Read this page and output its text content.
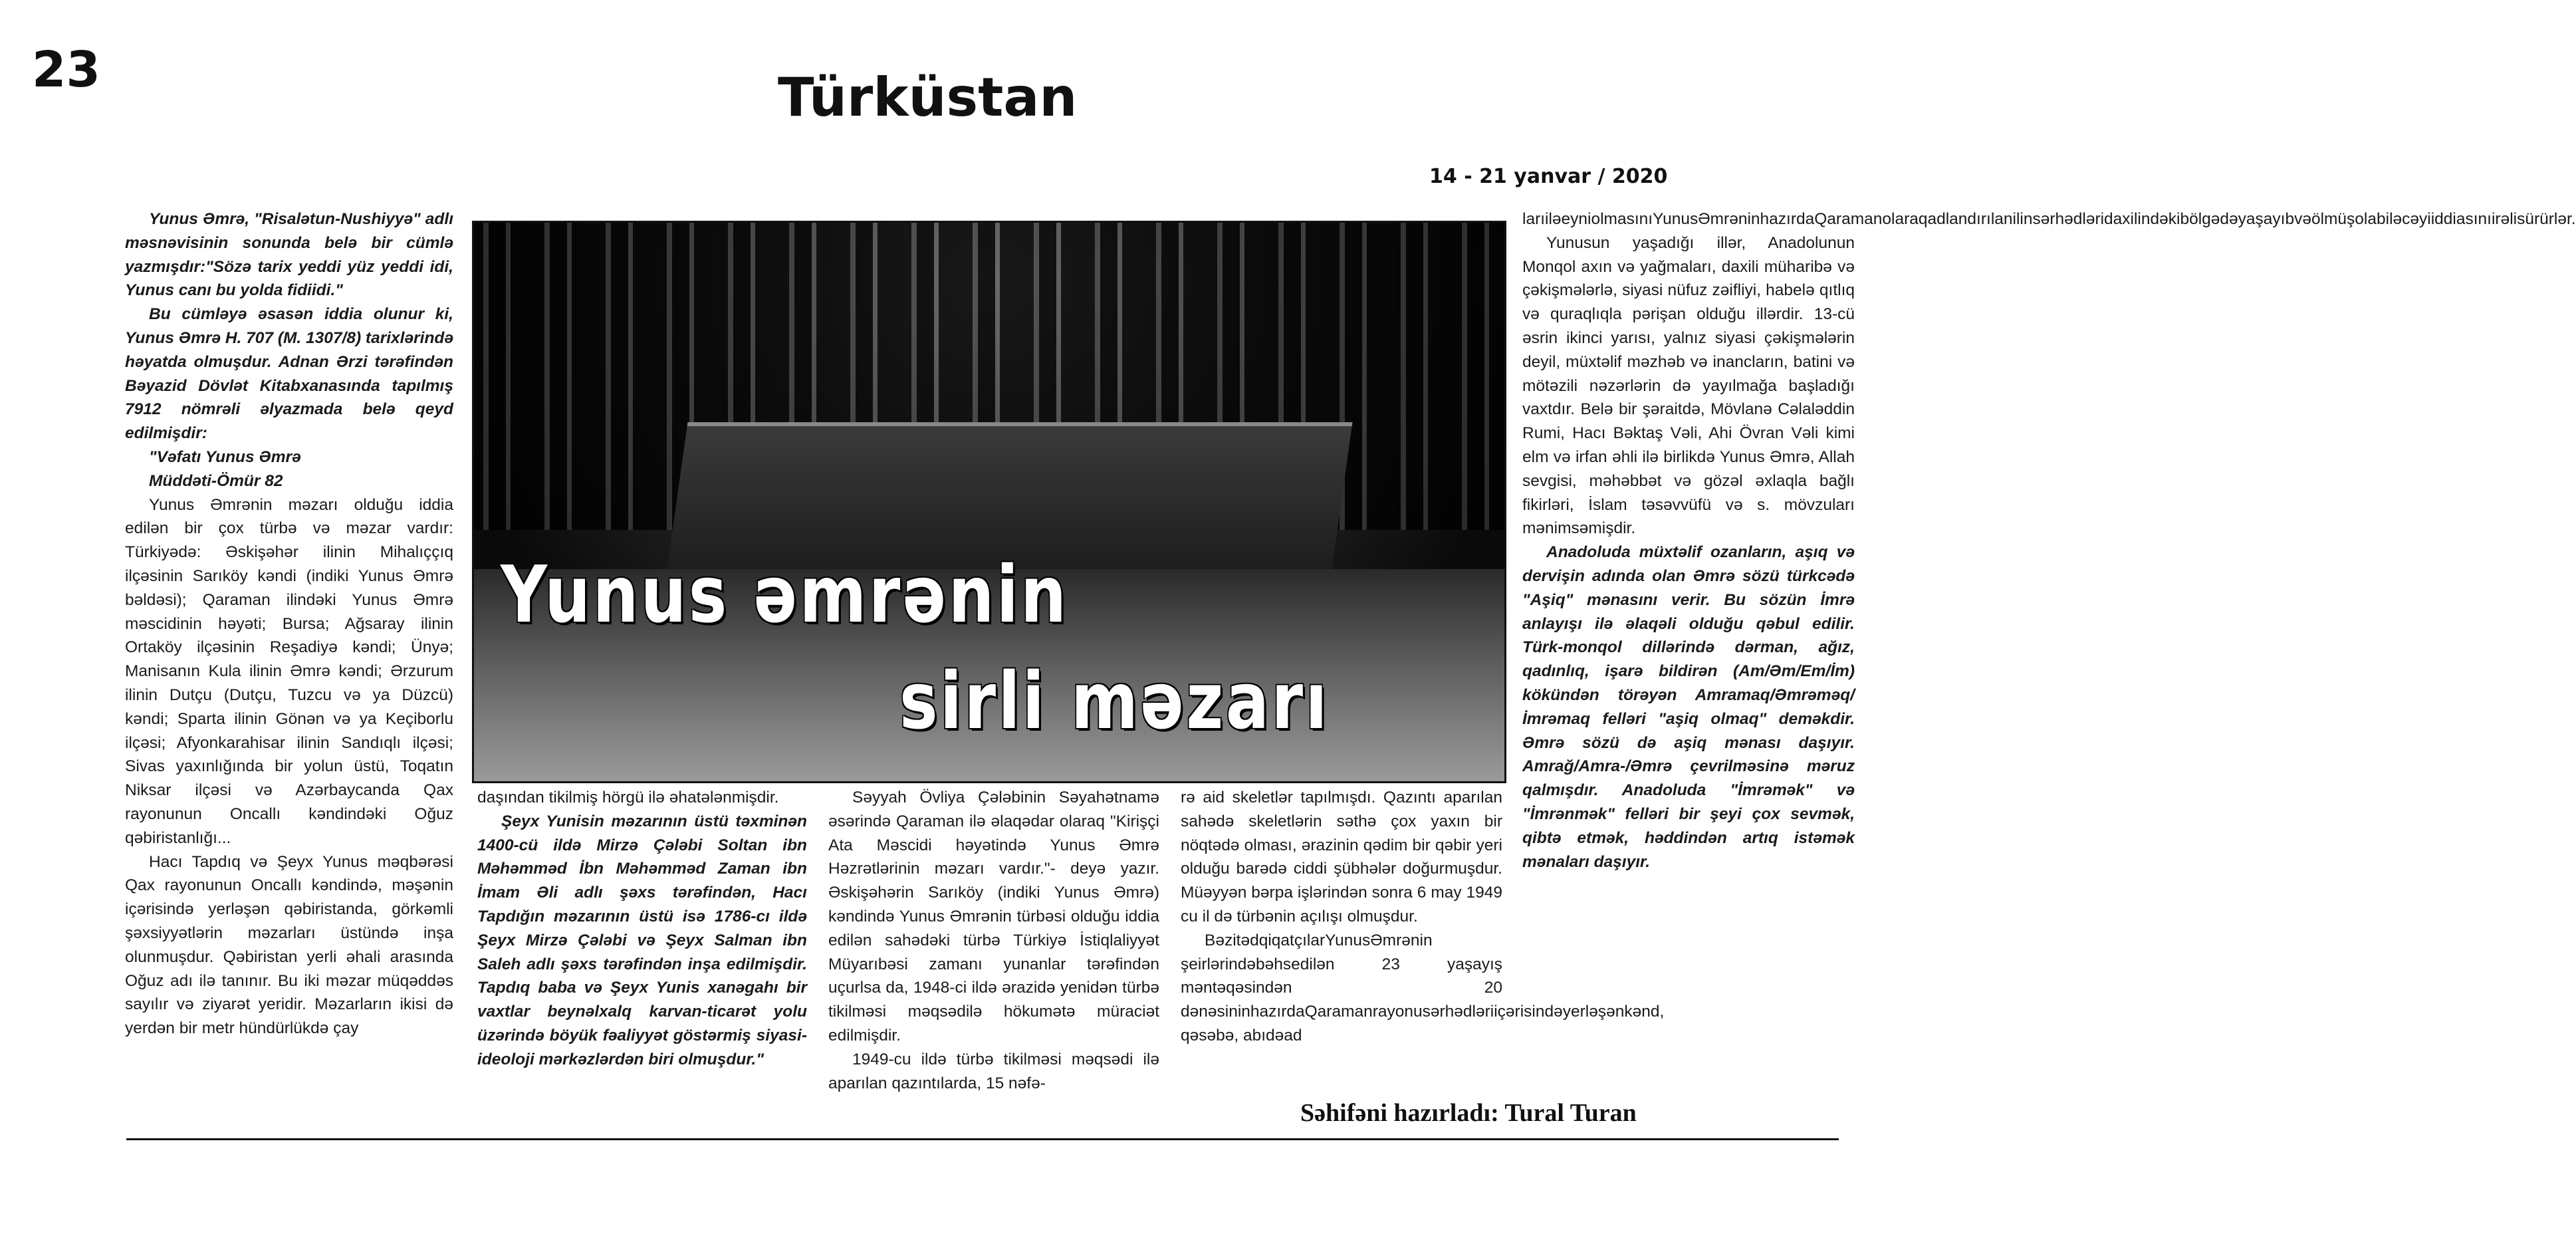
23	Türküstan
14 - 21 yanvar / 2020

Yunus Əmrə, "Risalətun-Nushiyyə" adlı məsnəvisinin sonunda belə bir cümlə yazmışdır:"Sözə tarix yeddi yüz yeddi idi, Yunus canı bu yolda fidiidi."

Bu cümləyə əsasən iddia olunur ki, Yunus Əmrə H. 707 (M. 1307/8) tarixlərində həyatda olmuşdur. Adnan Ərzi tərəfindən Bəyazid Dövlət Kitabxanasında tapılmış 7912 nömrəli əlyazmada belə qeyd edilmişdir:

"Vəfatı Yunus Əmrə

Müddəti-Ömür 82

Yunus Əmrənin məzarı olduğu iddia edilən bir çox türbə və məzar vardır: Türkiyədə: Əskişəhər ilinin Mihalıççıq ilçəsinin Sarıköy kəndi (indiki Yunus Əmrə bəldəsi); Qaraman ilindəki Yunus Əmrə məscidinin həyəti; Bursa; Ağsaray ilinin Ortaköy ilçəsinin Reşadiyə kəndi; Ünyə; Manisanın Kula ilinin Əmrə kəndi; Ərzurum ilinin Dutçu (Dutçu, Tuzcu və ya Düzcü) kəndi; Sparta ilinin Gönən və ya Keçiborlu ilçəsi; Afyonkarahisar ilinin Sandıqlı ilçəsi; Sivas yaxınlığında bir yolun üstü, Toqatın Niksar ilçəsi və Azərbaycanda Qax rayonunun Oncallı kəndindəki Oğuz qəbiristanlığı...

Hacı Tapdıq və Şeyx Yunus məqbərəsi Qax rayonunun Oncallı kəndində, məşənin içərisində yerləşən qəbiristanda, görkəmli şəxsiyyətlərin məzarları üstündə inşa olunmuşdur. Qəbiristan yerli əhali arasında Oğuz adı ilə tanınır. Bu iki məzar müqəddəs sayılır və ziyarət yeridir. Məzarların ikisi də yerdən bir metr hündürlükdə çay

Yunus əmrənin
sirli məzarı

daşından tikilmiş hörgü ilə əhatələnmişdir.

Şeyx Yunisin məzarının üstü təxminən 1400-cü ildə Mirzə Çələbi Soltan ibn Məhəmməd İbn Məhəmməd Zaman ibn İmam Əli adlı şəxs tərəfindən, Hacı Tapdığın məzarının üstü isə 1786-cı ildə Şeyx Mirzə Çələbi və Şeyx Salman ibn Saleh adlı şəxs tərəfindən inşa edilmişdir. Tapdıq baba və Şeyx Yunis xanəgahı bir vaxtlar beynəlxalq karvan-ticarət yolu üzərində böyük fəaliyyət göstərmiş siyasi-ideoloji mərkəzlərdən biri olmuşdur."

Səyyah Övliya Çələbinin Səyahətnamə əsərində Qaraman ilə əlaqədar olaraq "Kirişçi Ata Məscidi həyətində Yunus Əmrə Həzrətlərinin məzarı vardır."- deyə yazır. Əskişəhərin Sarıköy (indiki Yunus Əmrə) kəndində Yunus Əmrənin türbəsi olduğu iddia edilən sahədəki türbə Türkiyə İstiqlaliyyət Müyarıbəsi zamanı yunanlar tərəfindən uçurlsa da, 1948-ci ildə ərazidə yenidən türbə tikilməsi məqsədilə hökumətə müraciət edilmişdir.

1949-cu ildə türbə tikilməsi məqsədi ilə aparılan qazıntılarda, 15 nəfə-

rə aid skeletlər tapılmışdı. Qazıntı aparılan sahədə skeletlərin səthə çox yaxın bir nöqtədə olması, ərazinin qədim bir qəbir yeri olduğu barədə ciddi şübhələr doğurmuşdur. Müəyyən bərpa işlərindən sonra 6 may 1949 cu il də türbənin açılışı olmuşdur.

BəzitədqiqatçılarYunusƏmrənin şeirlərindəbəhsedilən 23 yaşayış məntəqəsindən 20 dənəsininhazırdaQaramanrayonusərhədləriiçərisindəyerləşənkənd, qəsəbə, abıdəad

larıiləeyniolmasınıYunusƏmrəninhazırdaQaramanolaraqadlandırılanilinsərhədləridaxilindəkibölgədəyaşayıbvəölmüşolabiləcəyiiddiasınıirəlisürürlər.

Yunusun yaşadığı illər, Anadolunun Monqol axın və yağmaları, daxili müharibə və çəkişmələrlə, siyasi nüfuz zəifliyi, habelə qıtlıq və quraqlıqla pərişan olduğu illərdir. 13-cü əsrin ikinci yarısı, yalnız siyasi çəkişmələrin deyil, müxtəlif məzhəb və inancların, batini və mötəzili nəzərlərin də yayılmağa başladığı vaxtdır. Belə bir şəraitdə, Mövlanə Cəlaləddin Rumi, Hacı Bəktaş Vəli, Ahi Övran Vəli kimi elm və irfan əhli ilə birlikdə Yunus Əmrə, Allah sevgisi, məhəbbət və gözəl əxlaqla bağlı fikirləri, İslam təsəvvüfü və s. mövzuları mənimsəmişdir.

Anadoluda müxtəlif ozanların, aşıq və dervişin adında olan Əmrə sözü türkcədə "Aşiq" mənasını verir. Bu sözün İmrə anlayışı ilə əlaqəli olduğu qəbul edilir. Türk-monqol dillərində dərman, ağız, qadınlıq, işarə bildirən (Am/Əm/Em/İm) kökündən törəyən Amramaq/Əmrəməq/İmrəmaq felləri "aşiq olmaq" deməkdir. Əmrə sözü də aşiq mənası daşıyır. Amrağ/Amra-/Əmrə çevrilməsinə məruz qalmışdır. Anadoluda "İmrəmək" və "İmrənmək" felləri bir şeyi çox sevmək, qibtə etmək, həddindən artıq istəmək mənaları daşıyır.

Səhifəni hazırladı: Tural Turan
